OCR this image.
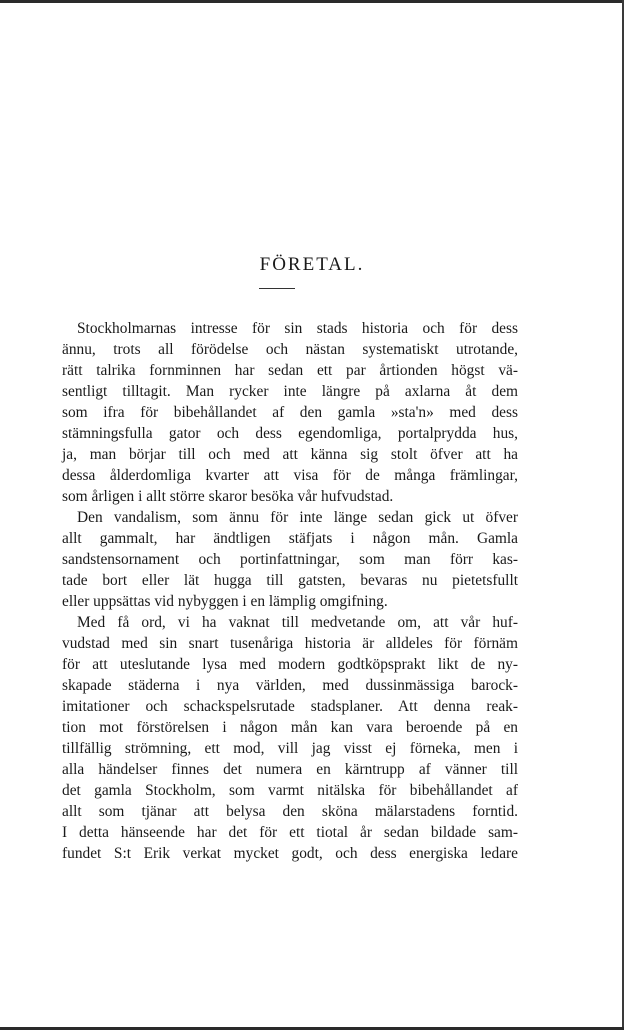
FÖRETAL.
Stockholmarnas intresse för sin stads historia och för dess
ännu, trots all förödelse och nästan systematiskt utrotande,
rätt talrika fornminnen har sedan ett par årtionden högst vä-
sentligt tilltagit. Man rycker inte längre på axlarna åt dem
som ifra för bibehållandet af den gamla »sta'n» med dess
stämningsfulla gator och dess egendomliga, portalprydda hus,
ja, man börjar till och med att känna sig stolt öfver att ha
dessa ålderdomliga kvarter att visa för de många främlingar,
som årligen i allt större skaror besöka vår hufvudstad.
Den vandalism, som ännu för inte länge sedan gick ut öfver
allt gammalt, har ändtligen stäfjats i någon mån. Gamla
sandstensornament och portinfattningar, som man förr kas-
tade bort eller lät hugga till gatsten, bevaras nu pietetsfullt
eller uppsättas vid nybyggen i en lämplig omgifning.
Med få ord, vi ha vaknat till medvetande om, att vår huf-
vudstad med sin snart tusenåriga historia är alldeles för förnäm
för att uteslutande lysa med modern godtköpsprakt likt de ny-
skapade städerna i nya världen, med dussinmässiga barock-
imitationer och schackspelsrutade stadsplaner. Att denna reak-
tion mot förstörelsen i någon mån kan vara beroende på en
tillfällig strömning, ett mod, vill jag visst ej förneka, men i
alla händelser finnes det numera en kärntrupp af vänner till
det gamla Stockholm, som varmt nitälska för bibehållandet af
allt som tjänar att belysa den sköna mälarstadens forntid.
I detta hänseende har det för ett tiotal år sedan bildade sam-
fundet S:t Erik verkat mycket godt, och dess energiska ledare
